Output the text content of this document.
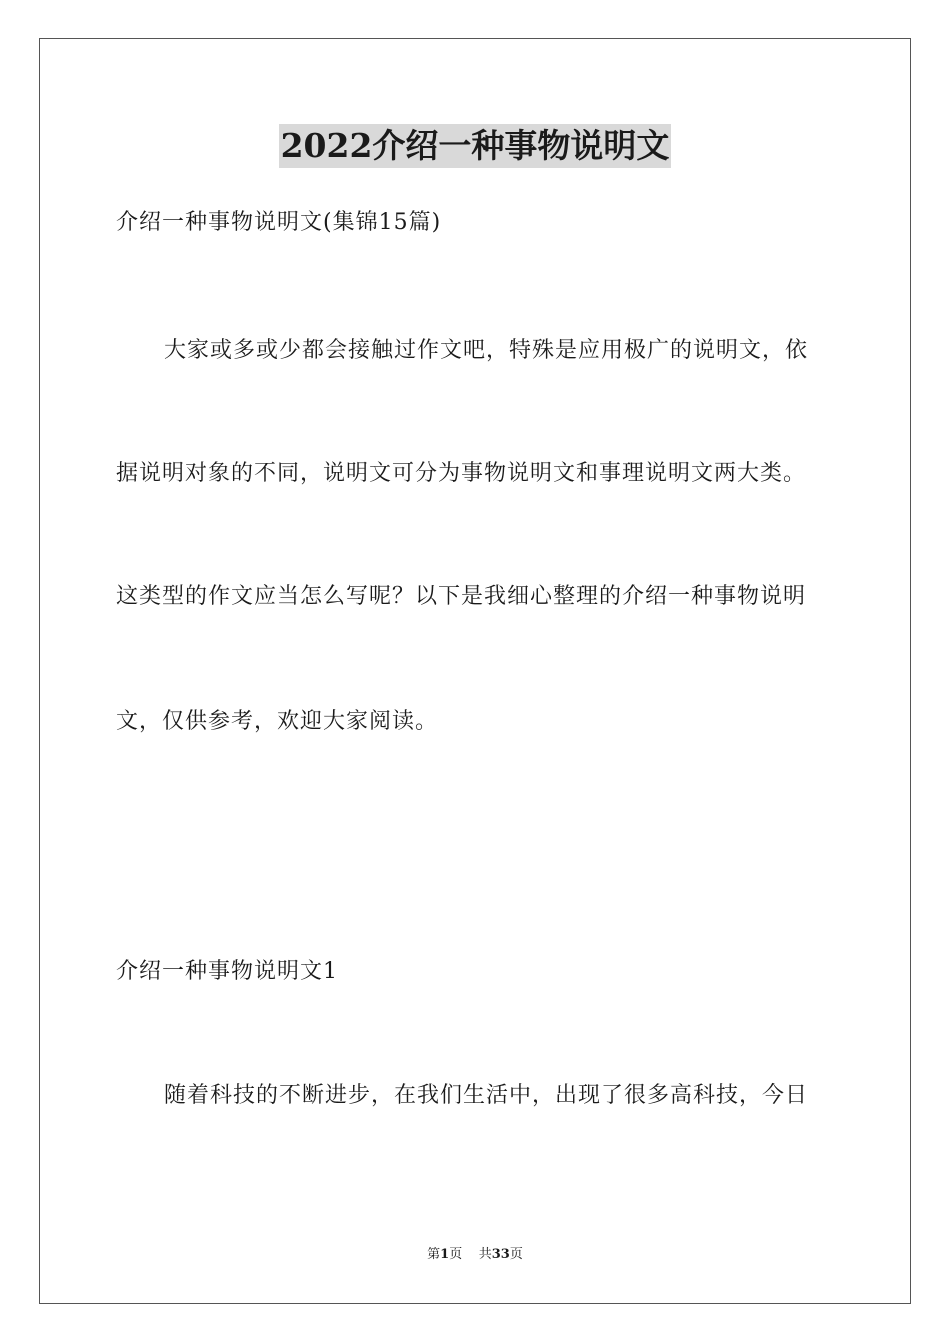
2022介绍一种事物说明文
介绍一种事物说明文(集锦15篇)
大家或多或少都会接触过作文吧，特殊是应用极广的说明文，依
据说明对象的不同，说明文可分为事物说明文和事理说明文两大类。
这类型的作文应当怎么写呢？以下是我细心整理的介绍一种事物说明
文，仅供参考，欢迎大家阅读。
介绍一种事物说明文1
随着科技的不断进步，在我们生活中，出现了很多高科技，今日
第1页 共33页
